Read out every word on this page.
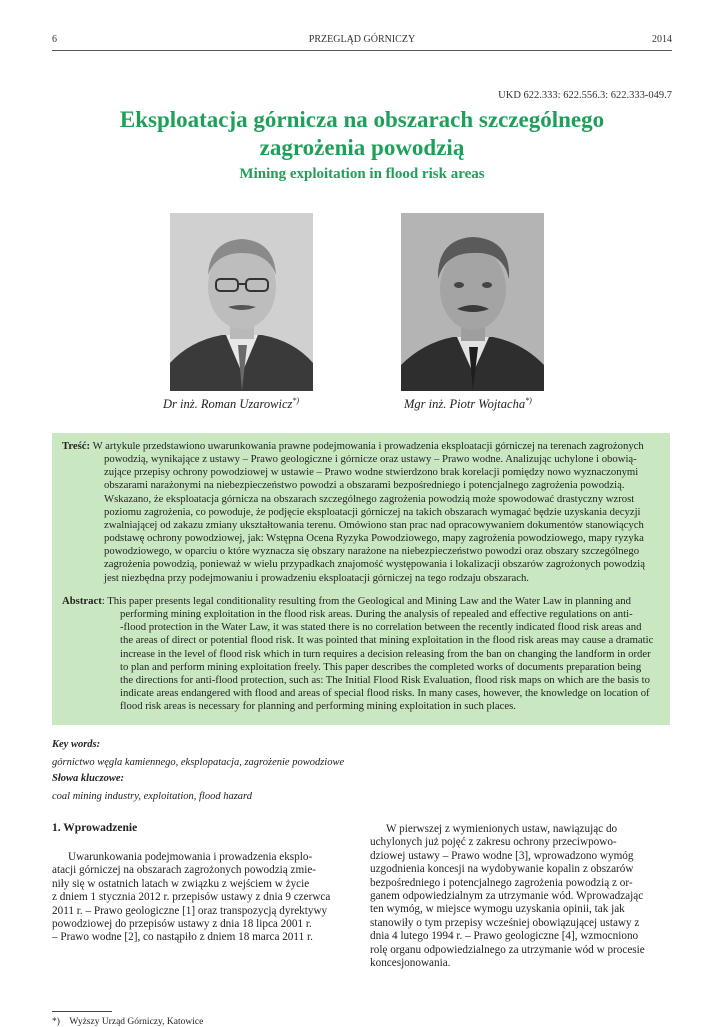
6	PRZEGLĄD GÓRNICZY	2014
UKD 622.333: 622.556.3: 622.333-049.7
Eksploatacja górnicza na obszarach szczególnego
zagrożenia powodzią
Mining exploitation in flood risk areas
Dr inż. Roman Uzarowicz*)	Mgr inż. Piotr Wojtacha*)
Treść: W artykule przedstawiono uwarunkowania prawne podejmowania i prowadzenia eksploatacji górniczej na terenach zagrożonych
powodzią, wynikające z ustawy – Prawo geologiczne i górnicze oraz ustawy – Prawo wodne. Analizując uchylone i obowią-
zujące przepisy ochrony powodziowej w ustawie – Prawo wodne stwierdzono brak korelacji pomiędzy nowo wyznaczonymi
obszarami narażonymi na niebezpieczeństwo powodzi a obszarami bezpośredniego i potencjalnego zagrożenia powodzią.
Wskazano, że eksploatacja górnicza na obszarach szczególnego zagrożenia powodzią może spowodować drastyczny wzrost
poziomu zagrożenia, co powoduje, że podjęcie eksploatacji górniczej na takich obszarach wymagać będzie uzyskania decyzji
zwalniającej od zakazu zmiany ukształtowania terenu. Omówiono stan prac nad opracowywaniem dokumentów stanowiących
podstawę ochrony powodziowej, jak: Wstępna Ocena Ryzyka Powodziowego, mapy zagrożenia powodziowego, mapy ryzyka
powodziowego, w oparciu o które wyznacza się obszary narażone na niebezpieczeństwo powodzi oraz obszary szczególnego
zagrożenia powodzią, ponieważ w wielu przypadkach znajomość występowania i lokalizacji obszarów zagrożonych powodzią
jest niezbędna przy podejmowaniu i prowadzeniu eksploatacji górniczej na tego rodzaju obszarach.
Abstract: This paper presents legal conditionality resulting from the Geological and Mining Law and the Water Law in planning and
performing mining exploitation in the flood risk areas. During the analysis of repealed and effective regulations on anti-
-flood protection in the Water Law, it was stated there is no correlation between the recently indicated flood risk areas and
the areas of direct or potential flood risk. It was pointed that mining exploitation in the flood risk areas may cause a dramatic
increase in the level of flood risk which in turn requires a decision releasing from the ban on changing the landform in order
to plan and perform mining exploitation freely. This paper describes the completed works of documents preparation being
the directions for anti-flood protection, such as: The Initial Flood Risk Evaluation, flood risk maps on which are the basis to
indicate areas endangered with flood and areas of special flood risks. In many cases, however, the knowledge on location of
flood risk areas is necessary for planning and performing mining exploitation in such places.
Key words:
górnictwo węgla kamiennego, eksplopatacja, zagrożenie powodziowe
Słowa kluczowe:
coal mining industry, exploitation, flood hazard
1. Wprowadzenie
Uwarunkowania podejmowania i prowadzenia eksplo-
atacji górniczej na obszarach zagrożonych powodzią zmie-
niły się w ostatnich latach w związku z wejściem w życie
z dniem 1 stycznia 2012 r. przepisów ustawy z dnia 9 czerwca
2011 r. – Prawo geologiczne [1] oraz transpozycją dyrektywy
powodziowej do przepisów ustawy z dnia 18 lipca 2001 r.
– Prawo wodne [2], co nastąpiło z dniem 18 marca 2011 r.
W pierwszej z wymienionych ustaw, nawiązując do
uchylonych już pojęć z zakresu ochrony przeciwpowo-
dziowej ustawy – Prawo wodne [3], wprowadzono wymóg
uzgodnienia koncesji na wydobywanie kopalin z obszarów
bezpośredniego i potencjalnego zagrożenia powodzią z or-
ganem odpowiedzialnym za utrzymanie wód. Wprowadzając
ten wymóg, w miejsce wymogu uzyskania opinii, tak jak
stanowiły o tym przepisy wcześniej obowiązującej ustawy z
dnia 4 lutego 1994 r. – Prawo geologiczne [4], wzmocniono
rolę organu odpowiedzialnego za utrzymanie wód w procesie
koncesjonowania.
*) Wyższy Urząd Górniczy, Katowice
